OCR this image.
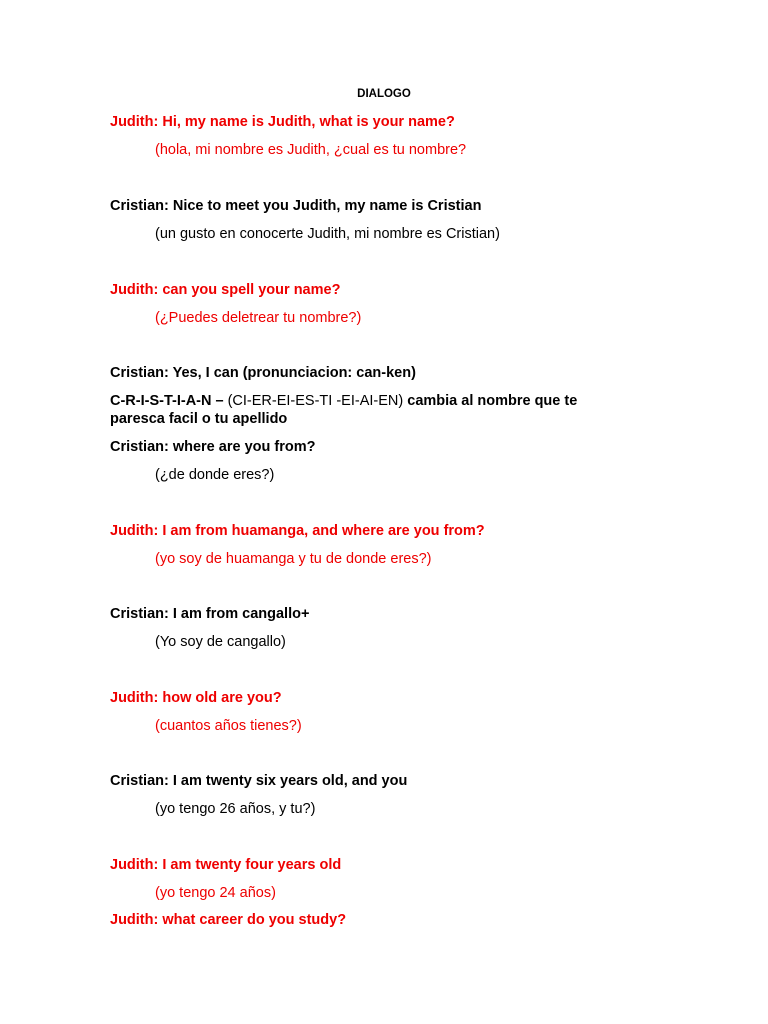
DIALOGO
Judith: Hi, my name is Judith, what is your name?
(hola, mi nombre es Judith, ¿cual es tu nombre?
Cristian: Nice to meet you Judith, my name is Cristian
(un gusto en conocerte Judith, mi nombre es Cristian)
Judith: can you spell your name?
(¿Puedes deletrear tu nombre?)
Cristian: Yes, I can (pronunciacion: can-ken)
C-R-I-S-T-I-A-N – (CI-ER-EI-ES-TI -EI-AI-EN) cambia al nombre que te paresca facil o tu apellido
Cristian: where are you from?
(¿de donde eres?)
Judith: I am from huamanga, and where are you from?
(yo soy de huamanga y tu de donde eres?)
Cristian: I am from cangallo+
(Yo soy de cangallo)
Judith: how old are you?
(cuantos años tienes?)
Cristian: I am twenty six years old, and you
(yo tengo 26 años, y tu?)
Judith: I am twenty four years old
(yo tengo 24 años)
Judith: what career do you study?
